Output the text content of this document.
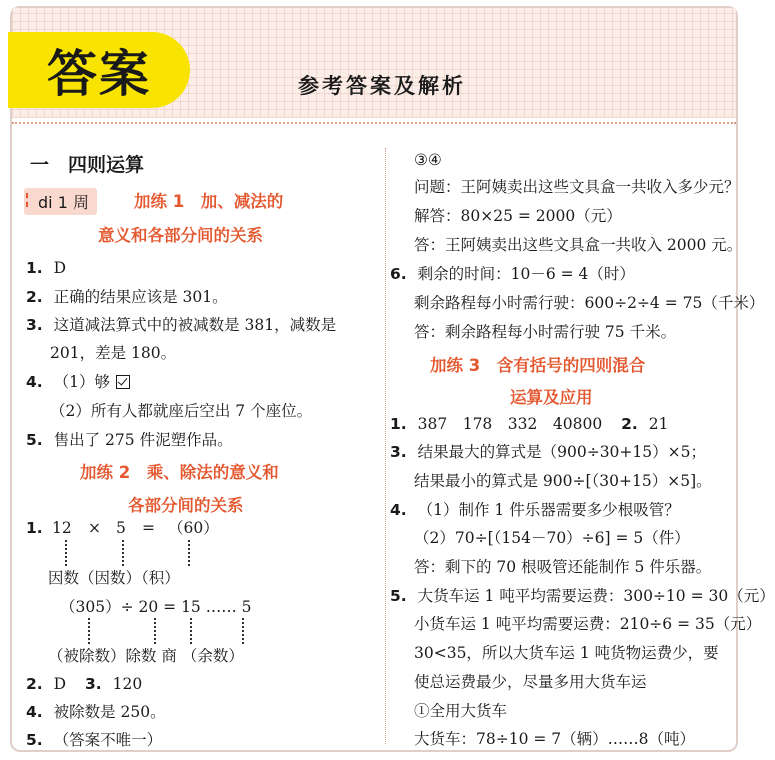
答案	参考答案及解析
一　四则运算
di 1 周	加练 1　加、减法的
意义和各部分间的关系
1. D
2. 正确的结果应该是 301。
3. 这道减法算式中的被减数是 381，减数是
201，差是 180。
4. （1）够
（2）所有人都就座后空出 7 个座位。
5. 售出了 275 件泥塑作品。
加练 2　乘、除法的意义和
各部分间的关系
1. 12 × 5 = （60）
因数（因数）（积）
（305）÷ 20 = 15 …… 5
（被除数）除数 商 （余数）
2. D 3. 120
4. 被除数是 250。
5. （答案不唯一）
③④
问题：王阿姨卖出这些文具盒一共收入多少元？
解答：80×25 = 2000（元）
答：王阿姨卖出这些文具盒一共收入 2000 元。
6. 剩余的时间：10－6 = 4（时）
剩余路程每小时需行驶：600÷2÷4 = 75（千米）
答：剩余路程每小时需行驶 75 千米。
加练 3　含有括号的四则混合
运算及应用
1. 387　178　332　40800 2. 21
3. 结果最大的算式是（900÷30+15）×5；
结果最小的算式是 900÷[（30+15）×5]。
4. （1）制作 1 件乐器需要多少根吸管？
（2）70÷[（154－70）÷6] = 5（件）
答：剩下的 70 根吸管还能制作 5 件乐器。
5. 大货车运 1 吨平均需要运费：300÷10 = 30（元）
小货车运 1 吨平均需要运费：210÷6 = 35（元）
30<35，所以大货车运 1 吨货物运费少，要
使总运费最少，尽量多用大货车运
①全用大货车
大货车：78÷10 = 7（辆）……8（吨）
